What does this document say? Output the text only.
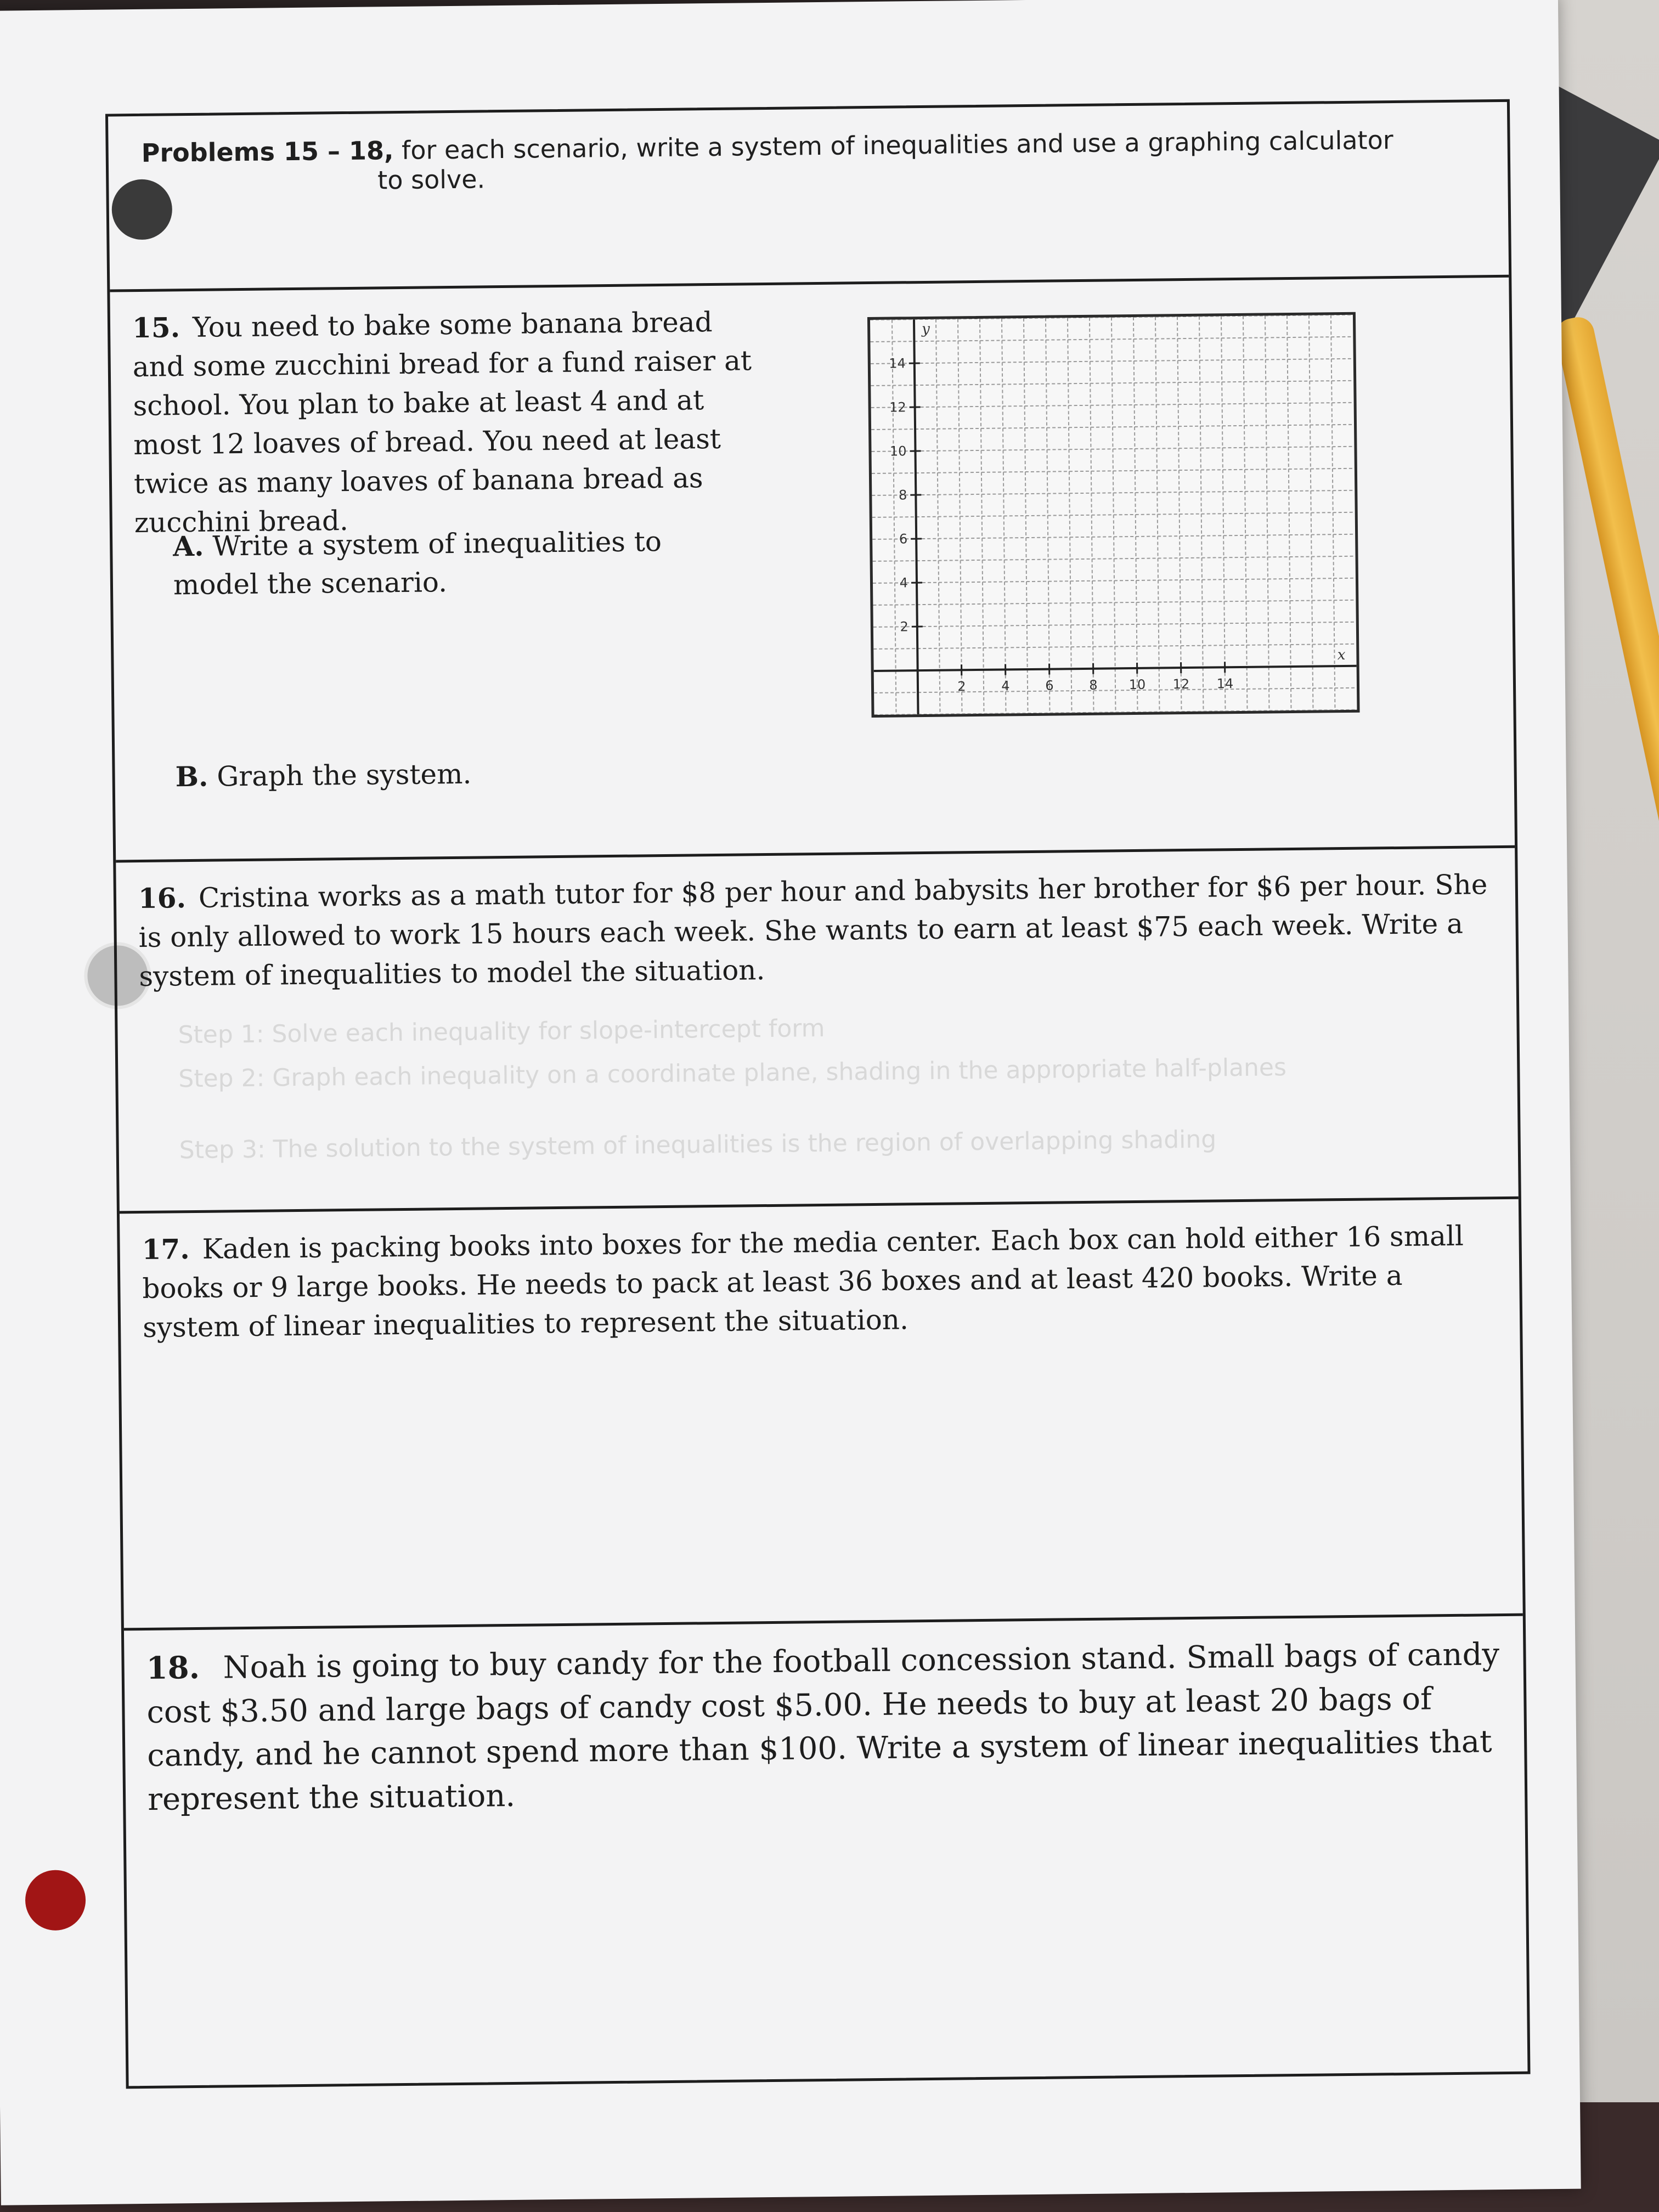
Problems 15 – 18, for each scenario, write a system of inequalities and use a graphing calculator
to solve.
15. You need to bake some banana bread and some zucchini bread for a fund raiser at school. You plan to bake at least 4 and at most 12 loaves of bread. You need at least twice as many loaves of banana bread as zucchini bread.
A. Write a system of inequalities to model the scenario.
B. Graph the system.
2	4	6	8 10 12 14
2
4
6
8
10
12
14
x
y
16. Cristina works as a math tutor for $8 per hour and babysits her brother for $6 per hour. She is only allowed to work 15 hours each week. She wants to earn at least $75 each week. Write a system of inequalities to model the situation.
Step 1: Solve each inequality for slope-intercept form
Step 2: Graph each inequality on a coordinate plane, shading in the appropriate half-planes
Step 3: The solution to the system of inequalities is the region of overlapping shading
17. Kaden is packing books into boxes for the media center. Each box can hold either 16 small books or 9 large books. He needs to pack at least 36 boxes and at least 420 books. Write a system of linear inequalities to represent the situation.
18. Noah is going to buy candy for the football concession stand. Small bags of candy cost $3.50 and large bags of candy cost $5.00. He needs to buy at least 20 bags of candy, and he cannot spend more than $100. Write a system of linear inequalities that represent the situation.
